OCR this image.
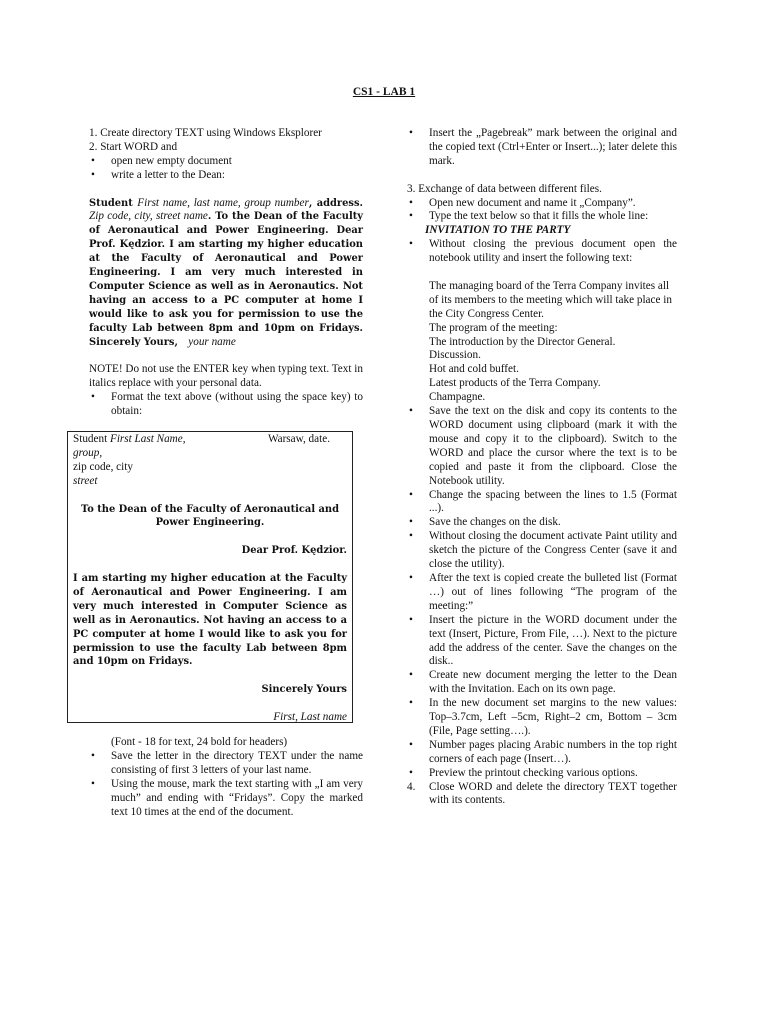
CS1 - LAB 1

1. Create directory TEXT using Windows Eksplorer

2. Start WORD and

• open new empty document
• write a letter to the Dean:

Student First name, last name, group number, address. Zip code, city, street name. To the Dean of the Faculty of Aeronautical and Power Engineering. Dear Prof. Kędzior. I am starting my higher education at the Faculty of Aeronautical and Power Engineering. I am very much interested in Computer Science as well as in Aeronautics. Not having an access to a PC computer at home I would like to ask you for permission to use the faculty Lab between 8pm and 10pm on Fridays. Sincerely Yours, your name

NOTE! Do not use the ENTER key when typing text. Text in italics replace with your personal data.

• Format the text above (without using the space key) to obtain:
Student First Last Name,	Warsaw, date.

group,

zip code, city

street

To the Dean of the Faculty of Aeronautical and Power Engineering.

Dear Prof. Kędzior.

I am starting my higher education at the Faculty of Aeronautical and Power Engineering. I am very much interested in Computer Science as well as in Aeronautics. Not having an access to a PC computer at home I would like to ask you for permission to use the faculty Lab between 8pm and 10pm on Fridays.

Sincerely Yours

First, Last name

(Font - 18 for text, 24 bold for headers)

• Save the letter in the directory TEXT under the name consisting of first 3 letters of your last name.
• Using the mouse, mark the text starting with „I am very much” and ending with “Fridays”. Copy the marked text 10 times at the end of the document.
• Insert the „Pagebreak” mark between the original and the copied text (Ctrl+Enter or Insert...); later delete this mark.

3. Exchange of data between different files.

• Open new document and name it „Company”.
• Type the text below so that it fills the whole line:

INVITATION TO THE PARTY

• Without closing the previous document open the notebook utility and insert the following text:

The managing board of the Terra Company invites all of its members to the meeting which will take place in the City Congress Center.

The program of the meeting:

The introduction by the Director General.

Discussion.

Hot and cold buffet.

Latest products of the Terra Company.

Champagne.

• Save the text on the disk and copy its contents to the WORD document using clipboard (mark it with the mouse and copy it to the clipboard). Switch to the WORD and place the cursor where the text is to be copied and paste it from the clipboard. Close the Notebook utility.
• Change the spacing between the lines to 1.5 (Format ...).
• Save the changes on the disk.
• Without closing the document activate Paint utility and sketch the picture of the Congress Center (save it and close the utility).
• After the text is copied create the bulleted list (Format …) out of lines following “The program of the meeting:”
• Insert the picture in the WORD document under the text (Insert, Picture, From File, …). Next to the picture add the address of the center. Save the changes on the disk..
• Create new document merging the letter to the Dean with the Invitation. Each on its own page.
• In the new document set margins to the new values: Top–3.7cm, Left –5cm, Right–2 cm, Bottom – 3cm (File, Page setting….).
• Number pages placing Arabic numbers in the top right corners of each page (Insert…).
• Preview the printout checking various options.
4. Close WORD and delete the directory TEXT together with its contents.
